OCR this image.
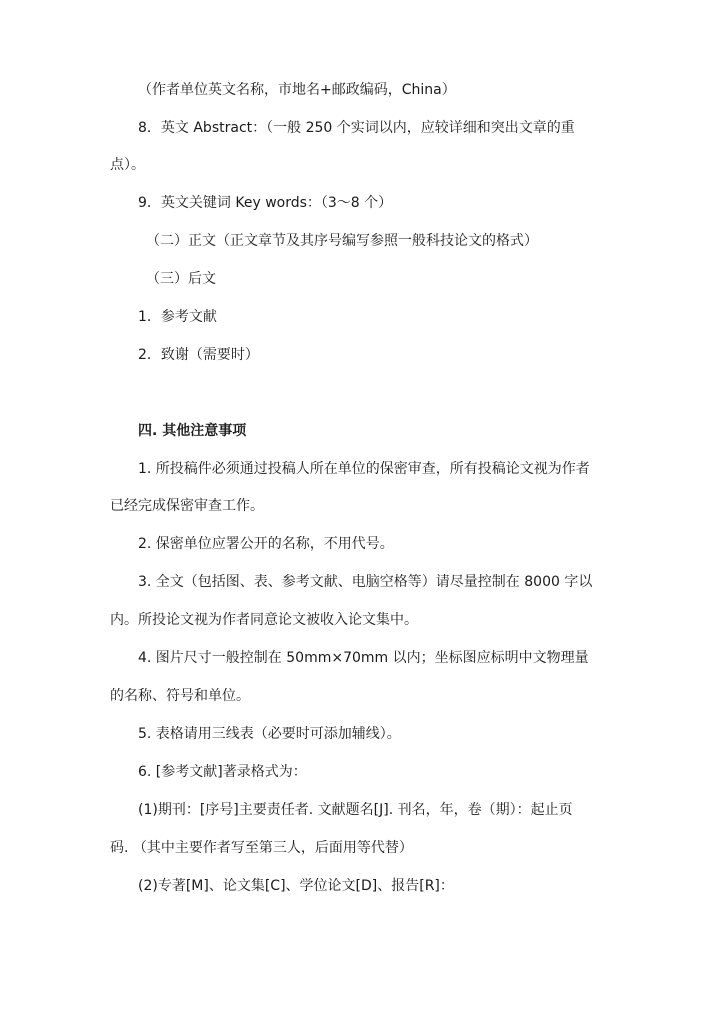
（作者单位英文名称，市地名+邮政编码，China）
8．英文 Abstract：（一般 250 个实词以内，应较详细和突出文章的重
点）。
9．英文关键词 Key words：（3～8 个）
（二）正文（正文章节及其序号编写参照一般科技论文的格式）
（三）后文
1．参考文献
2．致谢（需要时）
四. 其他注意事项
1. 所投稿件必须通过投稿人所在单位的保密审查，所有投稿论文视为作者
已经完成保密审查工作。
2. 保密单位应署公开的名称，不用代号。
3. 全文（包括图、表、参考文献、电脑空格等）请尽量控制在 8000 字以
内。所投论文视为作者同意论文被收入论文集中。
4. 图片尺寸一般控制在 50mm×70mm 以内；坐标图应标明中文物理量
的名称、符号和单位。
5. 表格请用三线表（必要时可添加辅线）。
6. [参考文献]著录格式为：
(1)期刊：[序号]主要责任者. 文献题名[J]. 刊名，年，卷（期）：起止页
码. （其中主要作者写至第三人，后面用等代替）
(2)专著[M]、论文集[C]、学位论文[D]、报告[R]：
